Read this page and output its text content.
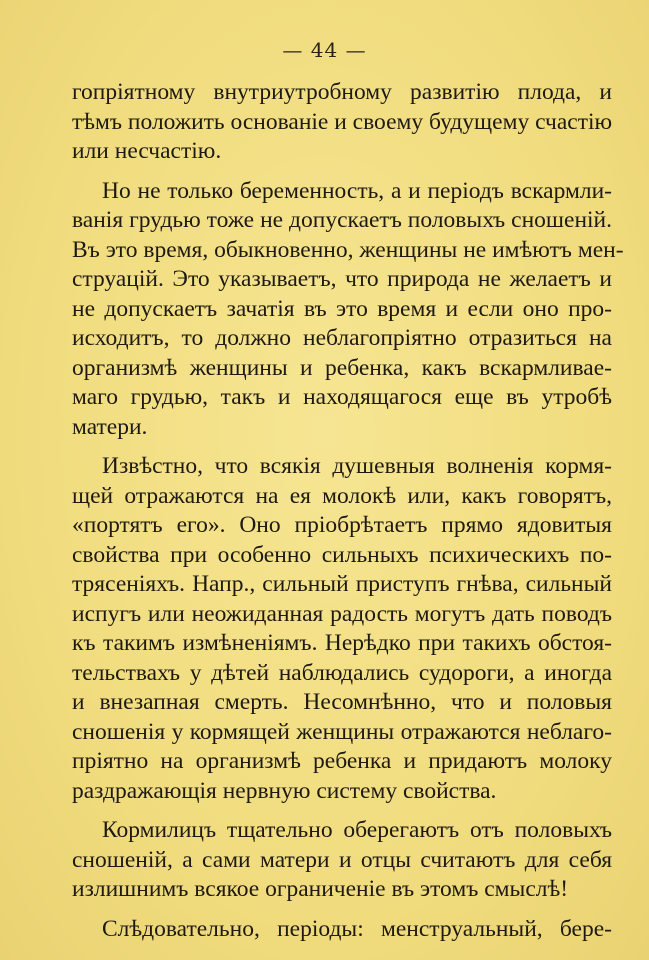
— 44 —
гопріятному внутриутробному развитію плода, и
тѣмъ положить основаніе и своему будущему счастію
или несчастію.
Но не только беременность, а и періодъ вскармли-
ванія грудью тоже не допускаетъ половыхъ сношеній.
Въ это время, обыкновенно, женщины не имѣютъ мен-
струацій. Это указываетъ, что природа не желаетъ и
не допускаетъ зачатія въ это время и если оно про-
исходитъ, то должно неблагопріятно отразиться на
организмѣ женщины и ребенка, какъ вскармливае-
маго грудью, такъ и находящагося еще въ утробѣ
матери.
Извѣстно, что всякія душевныя волненія кормя-
щей отражаются на ея молокѣ или, какъ говорятъ,
«портятъ его». Оно пріобрѣтаетъ прямо ядовитыя
свойства при особенно сильныхъ психическихъ по-
трясеніяхъ. Напр., сильный приступъ гнѣва, сильный
испугъ или неожиданная радость могутъ дать поводъ
къ такимъ измѣненіямъ. Нерѣдко при такихъ обстоя-
тельствахъ у дѣтей наблюдались судороги, а иногда
и внезапная смерть. Несомнѣнно, что и половыя
сношенія у кормящей женщины отражаются неблаго-
пріятно на организмѣ ребенка и придаютъ молоку
раздражающія нервную систему свойства.
Кормилицъ тщательно оберегаютъ отъ половыхъ
сношеній, а сами матери и отцы считаютъ для себя
излишнимъ всякое ограниченіе въ этомъ смыслѣ!
Слѣдовательно, періоды: менструальный, бере-
